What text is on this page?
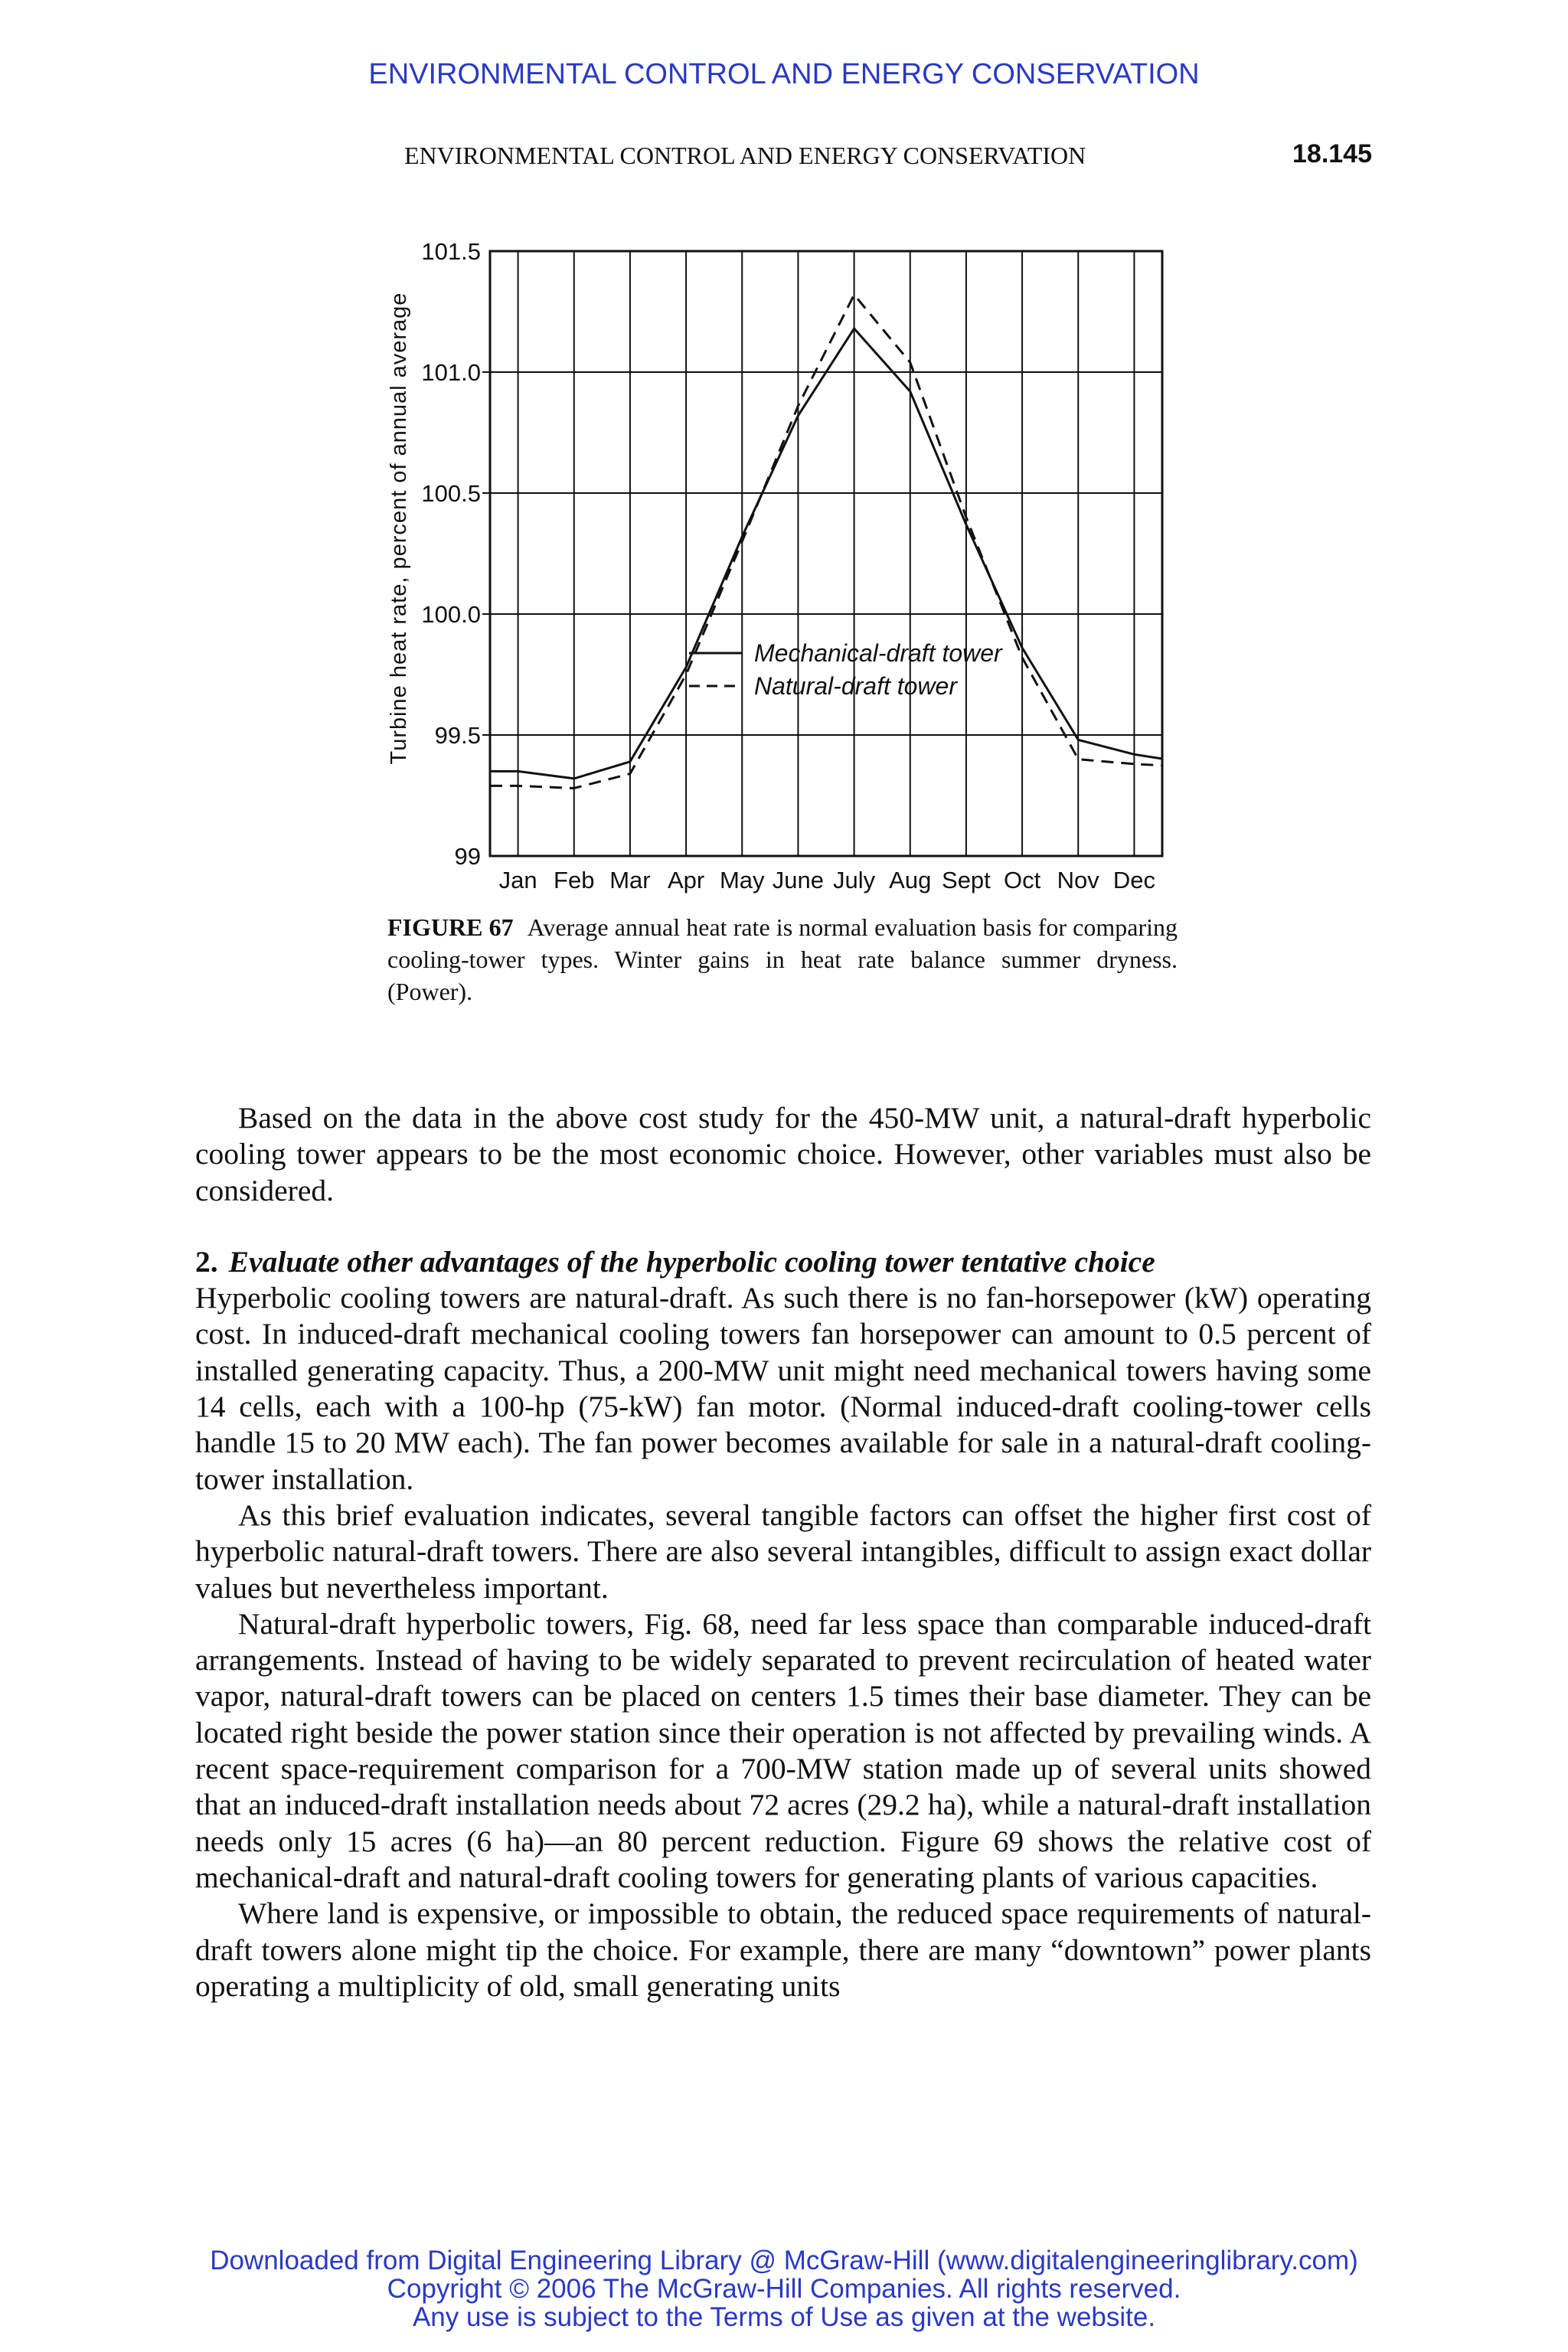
ENVIRONMENTAL CONTROL AND ENERGY CONSERVATION
ENVIRONMENTAL CONTROL AND ENERGY CONSERVATION	18.145
101.5
101.0
100.5
100.0
99.5
99
Jan Feb Mar Apr May June July Aug Sept Oct Nov Dec
Turbine heat rate, percent of annual average	Mechanical-draft tower
Natural-draft tower
FIGURE 67 Average annual heat rate is normal evaluation basis for comparing cooling-tower types. Winter gains in heat rate balance summer dryness. (Power).

Based on the data in the above cost study for the 450-MW unit, a natural-draft hyperbolic cooling tower appears to be the most economic choice. However, other variables must also be considered.

2. Evaluate other advantages of the hyperbolic cooling tower tentative choice

Hyperbolic cooling towers are natural-draft. As such there is no fan-horsepower (kW) operating cost. In induced-draft mechanical cooling towers fan horsepower can amount to 0.5 percent of installed generating capacity. Thus, a 200-MW unit might need mechanical towers having some 14 cells, each with a 100-hp (75-kW) fan motor. (Normal induced-draft cooling-tower cells handle 15 to 20 MW each). The fan power becomes available for sale in a natural-draft cooling-tower installation.

As this brief evaluation indicates, several tangible factors can offset the higher first cost of hyperbolic natural-draft towers. There are also several intangibles, difficult to assign exact dollar values but nevertheless important.

Natural-draft hyperbolic towers, Fig. 68, need far less space than comparable induced-draft arrangements. Instead of having to be widely separated to prevent recirculation of heated water vapor, natural-draft towers can be placed on centers 1.5 times their base diameter. They can be located right beside the power station since their operation is not affected by prevailing winds. A recent space-requirement comparison for a 700-MW station made up of several units showed that an induced-draft installation needs about 72 acres (29.2 ha), while a natural-draft installation needs only 15 acres (6 ha)—an 80 percent reduction. Figure 69 shows the relative cost of mechanical-draft and natural-draft cooling towers for generating plants of various capacities.

Where land is expensive, or impossible to obtain, the reduced space requirements of natural-draft towers alone might tip the choice. For example, there are many “downtown” power plants operating a multiplicity of old, small generating units

Downloaded from Digital Engineering Library @ McGraw-Hill (www.digitalengineeringlibrary.com)
Copyright © 2006 The McGraw-Hill Companies. All rights reserved.
Any use is subject to the Terms of Use as given at the website.
